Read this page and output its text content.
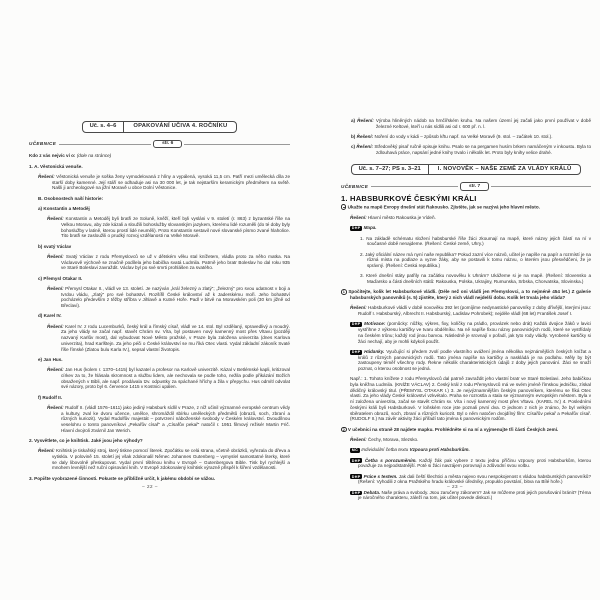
Uč. s. 4–6	OPAKOVÁNÍ UČIVA 4. ROČNÍKU
UČEBNICE	str. 6

Kdo z vás nejvíc ví o: (dole na stránce)

1. A. Věstonická venuše.

Řešení: Věstonická venuše je soška ženy vymodelovaná z hlíny a vypálená, vysoká 11,5 cm. Patří mezi umělecká díla ze starší doby kamenné. Její stáří se odhaduje asi na 30 000 let, je tak nejstarším keramickým předmětem na světě. Našli ji archeologové na jižní Moravě u obce Dolní Věstonice.

B. Osobnostech naší historie:

a) Konstantin a Metoděj

Řešení: Konstantin a Metoděj byli bratři ze Soluně, kněží, kteří byli vysláni v 9. století (r. 863) z byzantské říše na Velkou Moravu, aby zde kázali a sloužili bohoslužby slovanským jazykem, kterému lidé rozuměli (do té doby byly bohoslužby v latině, kterou prostí lidé neuměli). Proto Konstantin sestavil nové slovanské písmo zvané hlaholice. Tito bratři se zasloužili o prudký rozvoj vzdělanosti na Velké Moravě.

b) svatý Václav

Řešení: Svatý Václav z rodu Přemyslovců se už v dětském věku stal knížetem, vládla proto za něho matka. Na Václavově výchově se značně podílela jeho babička svatá Ludmila. Patrně jeho bratr Boleslav ho dal roku 935 ve Staré Boleslavi zavraždit. Václav byl po své smrti prohlášen za svatého.

c) Přemysl Otakar II.

Řešení: Přemysl Otakar II., vládl ve 13. století. Je nazýván „král železný a zlatý“; „železný“ pro svou udatnost v boji a tvrdou vládu, „zlatý“ pro své bohatství. Rozšířil České království až k Jaderskému moři. Jeho bohatství pocházelo především z těžby stříbra v Jihlavě a Kutné Hoře. Padl v bitvě na Moravském poli (30 km jižně od Břeclavi).

d) Karel IV.

Řešení: Karel IV. z rodu Lucemburků, český král a římský císař, vládl ve 14. stol. Byl vzdělaný, spravedlivý a moudrý. Za jeho vlády se začal např. stavět Chrám sv. Víta, byl postaven nový kamenný most přes Vltavu (později nazvaný Karlův most), dal vybudovat Nové Město pražské, v Praze byla založena univerzita (dnes Karlova univerzita), hrad Karlštejn. Za jeho péči o České království se mu říká Otec vlasti. Vydal základní zákoník Svaté říše římské (Zlatou bulu Karla IV.), sepsal vlastní životopis.

e) Jan Hus.

Řešení: Jan Hus (kolem r. 1370–1415) byl kazatel a profesor na Karlově univerzitě. Kázal v Betlémské kapli, kritizoval církev za to, že hlásala skromnost a službu lidem, ale nechovala se podle toho, nežila podle přikázání Božích obsažených v Bibli, ale např. prodávala tzv. odpustky za spáchané hříchy a žila v přepychu. Hus odmítl odvolat své názory, proto byl 6. července 1415 v Kostnici upálen.

f) Rudolf II.

Řešení: Rudolf II. (vládl 1576–1611) jako jediný Habsburk sídlil v Praze, z níž učinil významné evropské centrum vědy a kultury, zval ke dvoru učence, umělce, shromáždil sbírku uměleckých předmětů (obrazů, soch, zbraní a různých kuriozit). Vydal Rudolfův majestát – potvrzení náboženské svobody v Českém království. Dvoudílnou veselohru o tomto panovníkovi „Pekařův císař“ a „Císařův pekař“ natočil r. 1951 filmový režisér Martin Frič. Hlavní dvojroli ztvárnil Jan Werich.

2. Vysvětlete, co je knihtisk. Jaké jsou jeho výhody?

Řešení: Knihtisk je tiskařský stroj, který tiskne pomocí literek. Zpočátku se celá strana, včetně obrázků, vyřezala do dřeva a vytiskla. V polovině 15. století jej však zdokonalil Němec Johannes Gutenberg – vymyslel samostatné literky, které se daly libovolně přeskupovat. Vydal první tištěnou knihu v Evropě – Gutenbergova Bible. Tisk byl rychlejší a mnohem levnější než ruční opisování knih. V Evropě zdokonalený knihtisk výrazně přispěl k šíření vzdělanosti.

3. Popište vyobrazené činnosti. Pokuste se přibližně určit, k jakému období se vážou.

a) Řešení: Výroba hliněných nádob na hrnčířském kruhu. Na našem území jej začali jako první používat v době železné Keltové, kteří u nás sídlili asi od r. 600 př. n. l.

b) Řešení: Noření do vody v kádi – způsob křtu např. na Velké Moravě (9. stol. – začátek 10. stol.).

c) Řešení: Středověký pisař ručně opisuje knihu. Psalo se na pergamen husím brkem namáčeným v inkoustu. Byla to zdlouhavá práce, napsání jedné knihy trvalo i několik let. Proto byly knihy velice drahé.

Uč. s. 7–27; PS s. 3–21	I. NOVOVĚK – NAŠE ZEMĚ ZA VLÁDY KRÁLŮ
UČEBNICE	str. 7
1. HABSBURKOVÉ ČESKÝMI KRÁLI

Ukažte na mapě Evropy dnešní stát Rakousko. Zjistěte, jak se nazývá jeho hlavní město.

Řešení: Hlavní město Rakouska je Vídeň.

DHP Mapa.

1. Na základě schématu složení habsburské říše žáci zkoumají na mapě, které názvy jejich částí na ní v současné době nenajdeme. (Řešení: České země, Uhry.)

2. Jaký oficiální název má nyní naše republika? Pokud zazní více názvů, učitel je napíše na papír a rozmístí je na různá místa na podlaze a vyzve žáky, aby se postavili k tomu názvu, o kterém jsou přesvědčeni, že je správný. (Řešení: Česká republika.)

3. Které dnešní státy patřily na začátku novověku k Uhrám? Ukážeme si je na mapě. (Řešení: Slovensko a Maďarsko a části dnešních států: Rakouska, Polska, Ukrajiny, Rumunska, Srbska, Chorvatska, Slovinska.)

1 Spočítejte, kolik let Habsburkové vládli. (Déle než oni vládli jen Přemyslovci, a to nejméně 454 let.) Z galerie habsburských panovníků (s. 5) zjistěte, který z nich vládl nejdelší dobu. Kolik let trvala jeho vláda?

Řešení: Habsburkové vládli v době novověku 392 let (pomíjíme nedynastické panovníky z doby dřívější, kterými jsou: Rudolf I. Habsburský, Albrecht II. Habsburský, Ladislav Pohrobek); nejdéle vládl (68 let) František Josef I.

DHP Motivace: (pomůcky: nůžky, výkres, fixy, kolíčky na prádlo, provázek nebo drát) Každá dvojice žáků v lavici vystřihne z výkresu kartičky ve tvaru obdélníku. Na ně napíše fixou názvy panovnických rodů, které se vystřídaly na českém trůnu; každý rod jinou barvou. Následně je srovnají v pořadí, jak tyto rody vládly. Vyrobené kartičky si žáci nechají, aby je mohli kdykoli použít.

DHP Hádanky. Vyučující si předem zvolí podle vlastního uvážení jména několika nejznámějších českých knížat a králů z různých panovnických rodů. Tato jména napíše na kartičky a naskládá je na podlahu. Měly by být zastoupeny téměř všechny rody. Řekne několik charakteristických údajů z doby jejich panování. Žáci se snaží poznat, o kterou osobnost se jedná.

Např.: 1. Tohoto knížete z rodu Přemyslovců dal patrně zavraždit jeho vlastní bratr ve Staré Boleslavi. Jeho babičkou byla kněžna Ludmila. (KNÍŽE VÁCLAV) 2. Český král z rodu Přemyslovců má ve svém jméně římskou jedničku, získal dědičný královský titul. (PŘEMYSL OTAKAR I.) 3. Je nejvýznamnějším českým panovníkem, kterému se říká Otec vlasti. Za jeho vlády České království vzkvétalo. Praha se rozrostla a stala se významným evropským městem. Byla v ní založena univerzita, začal se stavět Chrám sv. Víta i nový kamenný most přes Vltavu. (KAREL IV.) 4. Posledními českými králi byli Habsburkové. V loňském roce jste poznali první dva. O jednom z nich je známo, že byl velkým sběratelem obrazů, soch, zbraní a různých kuriozit. Byl o něm natočen dvojdílný film: Císařův pekař a Pekařův císař. (RUDOLF II.) Na závěr aktivity žáci přiřadí tato jména k panovnickým rodům.

2 V učebnici na straně 28 najdete mapku. Prohlédněte si na ní a vyjmenujte tři části Českých zemí.

Řešení: Čechy, Morava, Slezsko.

MČ Individuální četba textu Vzpoura proti Habsburkům.

DHP Četba s porozuměním. Každý žák pak vybere z textu jednu příčinu vzpoury proti Habsburkům, kterou považuje za nejpodstatnější. Poté si žáci navzájem porovnají a zdůvodní svou volbu.

DHP Práce s textem. Jak dali čeští šlechtici a města najevo svou nespokojenost s vládou habsburských panovníků? (Řešení: Vyhodili z okna Pražského hradu královské úředníky, propuklo povstání, bitva na Bílé hoře.)

DHP Debata. Naše práva a svobody. Jsou zaručeny zákonem? Jak se můžeme proti jejich porušování bránit? (Téma je náročného charakteru, záleží na tom, jak učitel povede diskuzi.)

– 22 –	– 23 –
